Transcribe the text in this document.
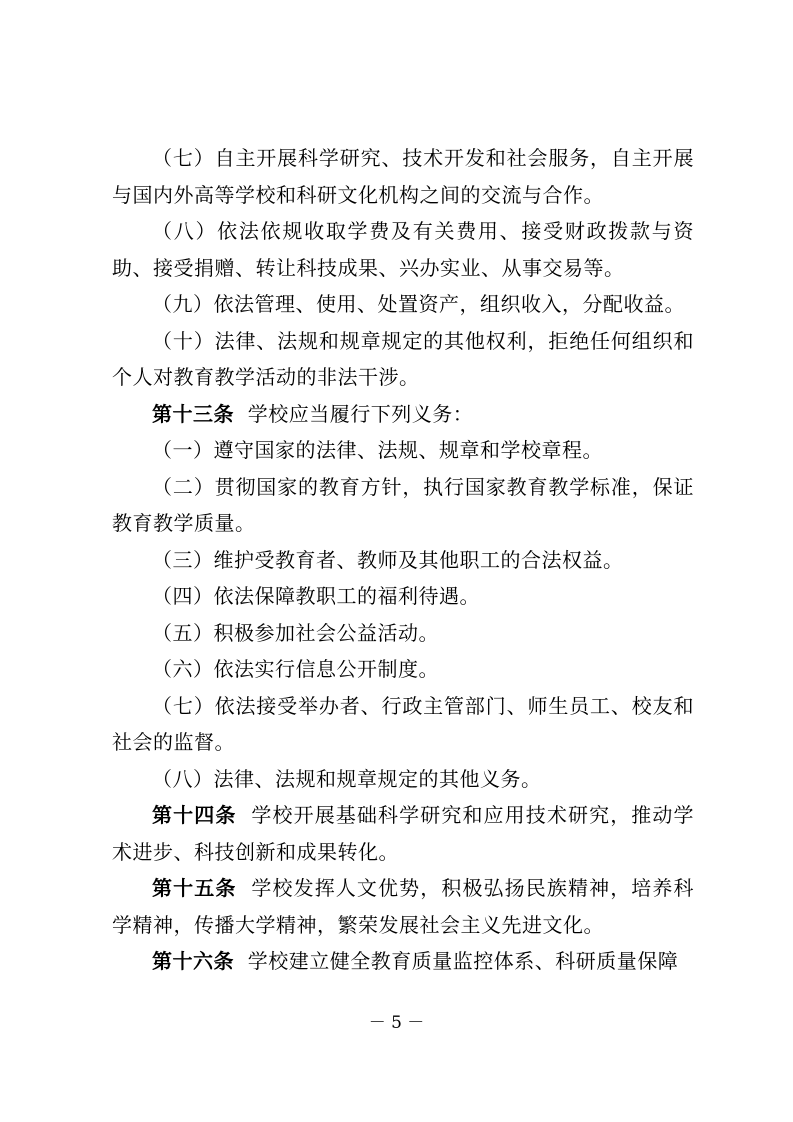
（七）自主开展科学研究、技术开发和社会服务，自主开展与国内外高等学校和科研文化机构之间的交流与合作。

（八）依法依规收取学费及有关费用、接受财政拨款与资助、接受捐赠、转让科技成果、兴办实业、从事交易等。

（九）依法管理、使用、处置资产，组织收入，分配收益。

（十）法律、法规和规章规定的其他权利，拒绝任何组织和个人对教育教学活动的非法干涉。

第十三条 学校应当履行下列义务：

（一）遵守国家的法律、法规、规章和学校章程。

（二）贯彻国家的教育方针，执行国家教育教学标准，保证教育教学质量。

（三）维护受教育者、教师及其他职工的合法权益。

（四）依法保障教职工的福利待遇。

（五）积极参加社会公益活动。

（六）依法实行信息公开制度。

（七）依法接受举办者、行政主管部门、师生员工、校友和社会的监督。

（八）法律、法规和规章规定的其他义务。

第十四条 学校开展基础科学研究和应用技术研究，推动学术进步、科技创新和成果转化。

第十五条 学校发挥人文优势，积极弘扬民族精神，培养科学精神，传播大学精神，繁荣发展社会主义先进文化。

第十六条 学校建立健全教育质量监控体系、科研质量保障

－ 5 －
